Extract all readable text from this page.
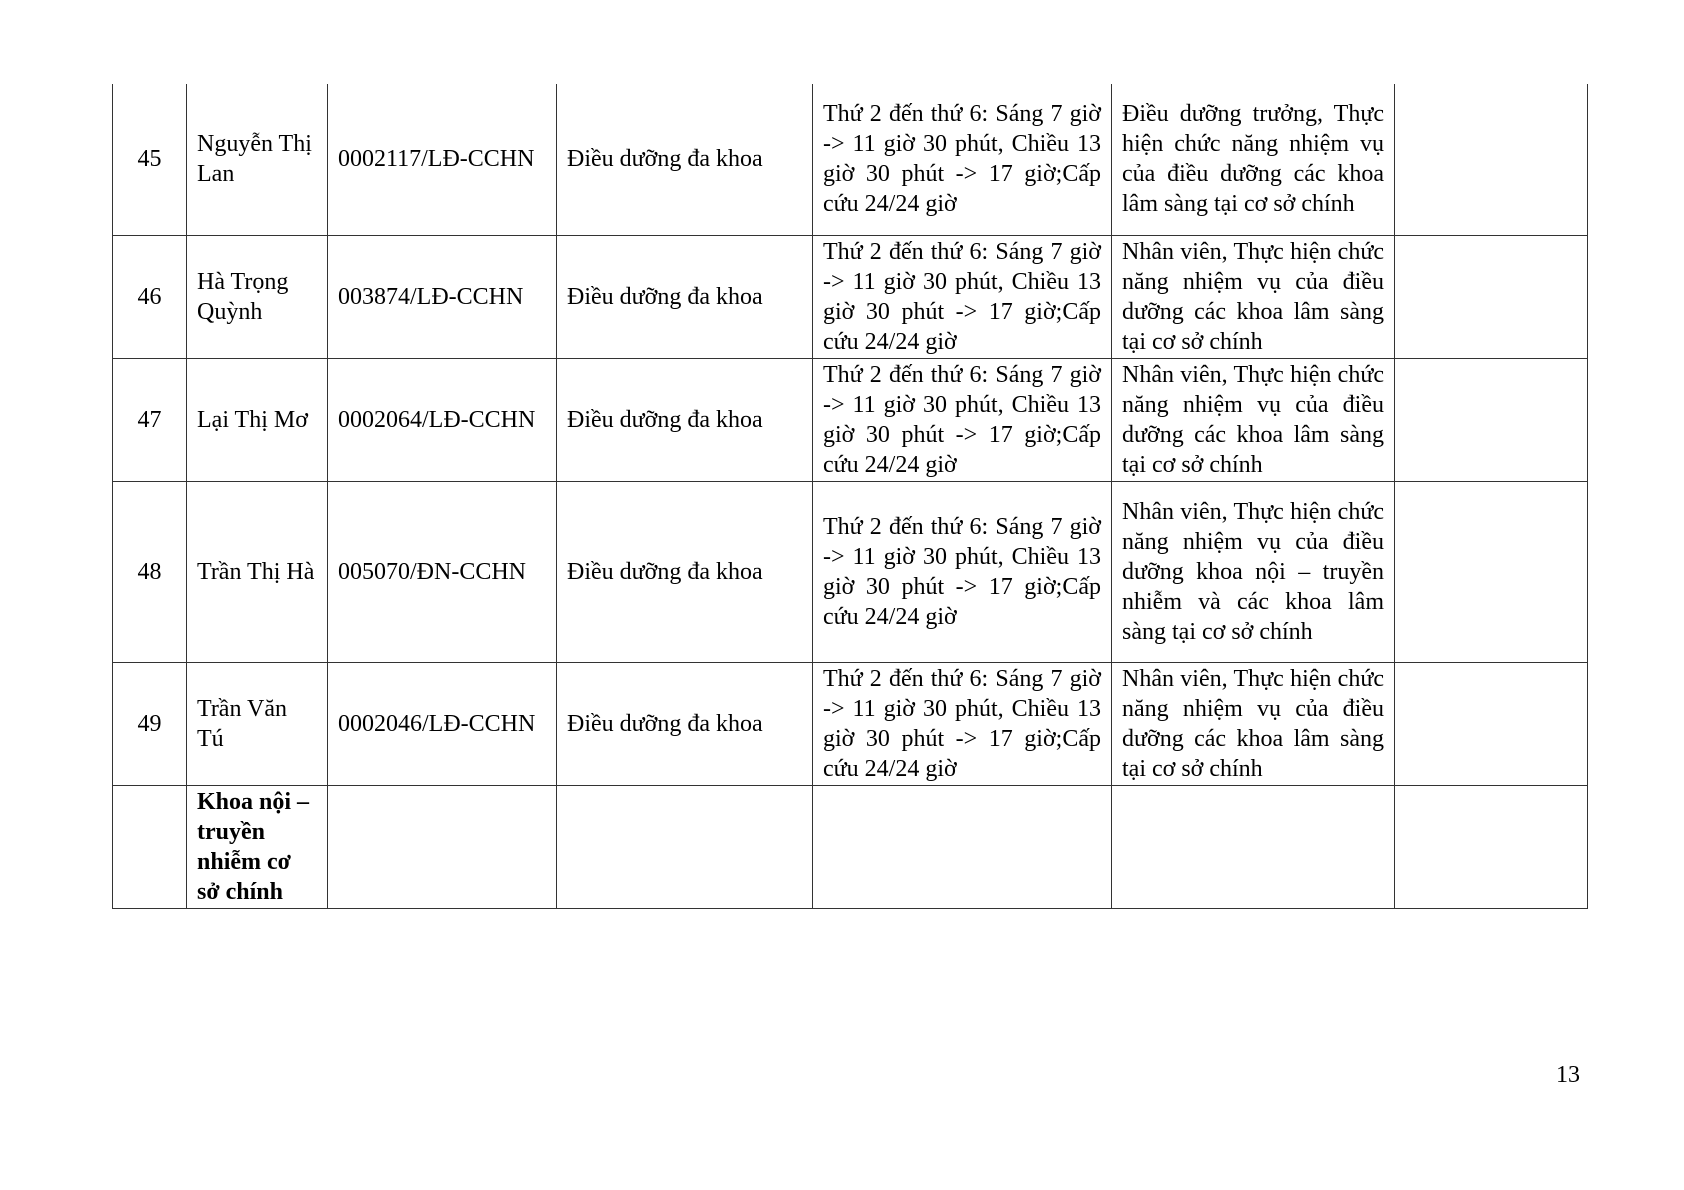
45	Nguyễn Thị Lan	0002117/LĐ-CCHN	Điều dưỡng đa khoa	Thứ 2 đến thứ 6: Sáng 7 giờ -> 11 giờ 30 phút, Chiều 13 giờ 30 phút -> 17 giờ;Cấp cứu 24/24 giờ	Điều dưỡng trưởng, Thực hiện chức năng nhiệm vụ của điều dưỡng các khoa lâm sàng tại cơ sở chính	
46	Hà Trọng Quỳnh	003874/LĐ-CCHN	Điều dưỡng đa khoa	Thứ 2 đến thứ 6: Sáng 7 giờ -> 11 giờ 30 phút, Chiều 13 giờ 30 phút -> 17 giờ;Cấp cứu 24/24 giờ	Nhân viên, Thực hiện chức năng nhiệm vụ của điều dưỡng các khoa lâm sàng tại cơ sở chính	
47	Lại Thị Mơ	0002064/LĐ-CCHN	Điều dưỡng đa khoa	Thứ 2 đến thứ 6: Sáng 7 giờ -> 11 giờ 30 phút, Chiều 13 giờ 30 phút -> 17 giờ;Cấp cứu 24/24 giờ	Nhân viên, Thực hiện chức năng nhiệm vụ của điều dưỡng các khoa lâm sàng tại cơ sở chính	
48	Trần Thị Hà	005070/ĐN-CCHN	Điều dưỡng đa khoa	Thứ 2 đến thứ 6: Sáng 7 giờ -> 11 giờ 30 phút, Chiều 13 giờ 30 phút -> 17 giờ;Cấp cứu 24/24 giờ	Nhân viên, Thực hiện chức năng nhiệm vụ của điều dưỡng khoa nội – truyền nhiễm và các khoa lâm sàng tại cơ sở chính	
49	Trần Văn Tú	0002046/LĐ-CCHN	Điều dưỡng đa khoa	Thứ 2 đến thứ 6: Sáng 7 giờ -> 11 giờ 30 phút, Chiều 13 giờ 30 phút -> 17 giờ;Cấp cứu 24/24 giờ	Nhân viên, Thực hiện chức năng nhiệm vụ của điều dưỡng các khoa lâm sàng tại cơ sở chính	
	Khoa nội – truyền nhiễm cơ sở chính					
13
